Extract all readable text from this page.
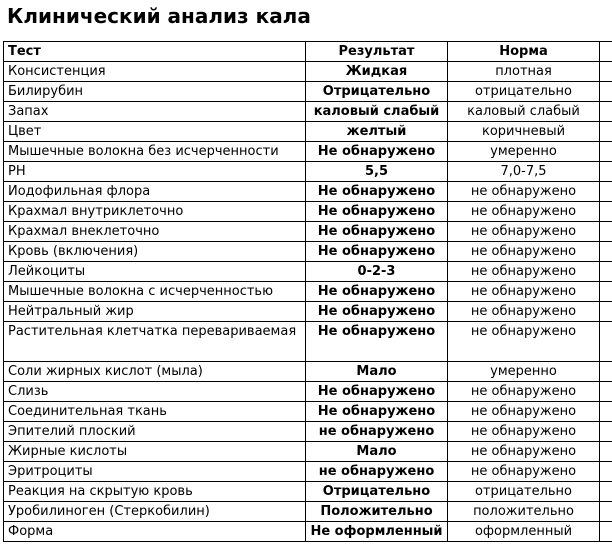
Клинический анализ кала
Тест	Результат	Норма	
Консистенция	Жидкая	плотная	
Билирубин	Отрицательно	отрицательно	
Запах	каловый слабый	каловый слабый	
Цвет	желтый	коричневый	
Мышечные волокна без исчерченности	Не обнаружено	умеренно	
PH	5,5	7,0-7,5	
Иодофильная флора	Не обнаружено	не обнаружено	
Крахмал внутриклеточно	Не обнаружено	не обнаружено	
Крахмал внеклеточно	Не обнаружено	не обнаружено	
Кровь (включения)	Не обнаружено	не обнаружено	
Лейкоциты	0-2-3	не обнаружено	
Мышечные волокна с исчерченностью	Не обнаружено	не обнаружено	
Нейтральный жир	Не обнаружено	не обнаружено	
Растительная клетчатка перевариваемая	Не обнаружено	не обнаружено	
Соли жирных кислот (мыла)	Мало	умеренно	
Слизь	Не обнаружено	не обнаружено	
Соединительная ткань	Не обнаружено	не обнаружено	
Эпителий плоский	не обнаружено	не обнаружено	
Жирные кислоты	Мало	не обнаружено	
Эритроциты	не обнаружено	не обнаружено	
Реакция на скрытую кровь	Отрицательно	отрицательно	
Уробилиноген (Стеркобилин)	Положительно	положительно	
Форма	Не оформленный	оформленный	
